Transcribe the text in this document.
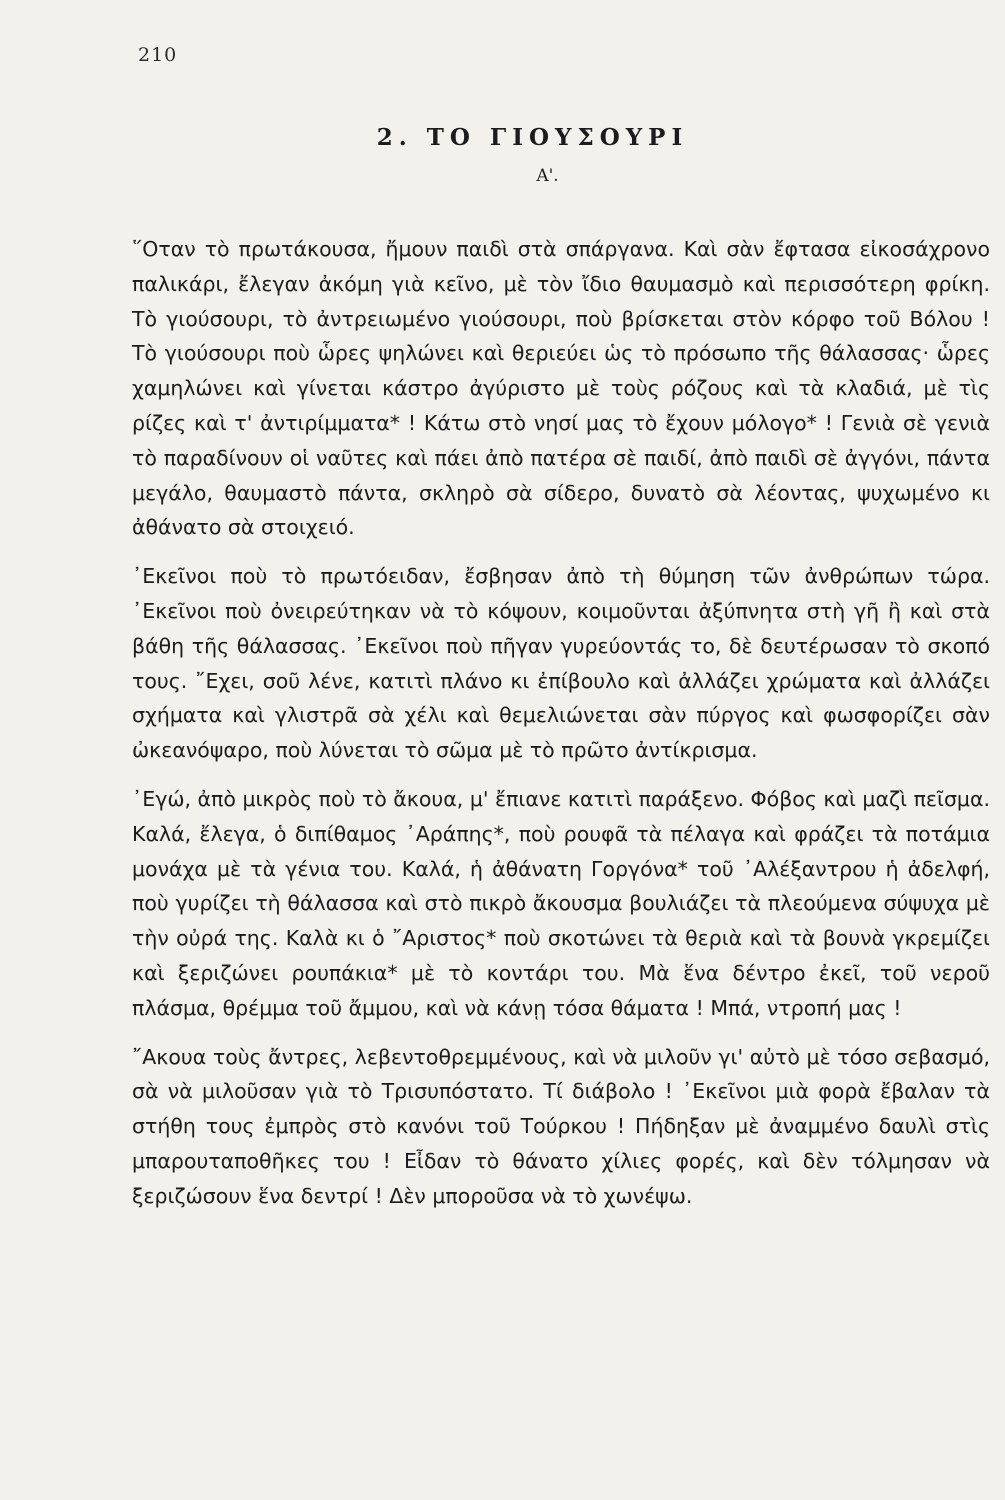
210
2. ΤΟ ΓΙΟΥΣΟΥΡΙ
Α'.

῞Οταν τὸ πρωτάκουσα, ἤμουν παιδὶ στὰ σπάργανα. Καὶ σὰν ἔφτασα εἰκοσάχρονο παλικάρι, ἔλεγαν ἀκόμη γιὰ κεῖνο, μὲ τὸν ἴδιο θαυμασμὸ καὶ περισσότερη φρίκη. Τὸ γιούσουρι, τὸ ἀντρειωμένο γιούσουρι, ποὺ βρίσκεται στὸν κόρφο τοῦ Βόλου ! Τὸ γιούσουρι ποὺ ὧρες ψηλώνει καὶ θεριεύει ὡς τὸ πρόσωπο τῆς θάλασσας· ὧρες χαμηλώνει καὶ γίνεται κάστρο ἀγύριστο μὲ τοὺς ρόζους καὶ τὰ κλαδιά, μὲ τὶς ρίζες καὶ τ' ἀντιρίμματα* ! Κάτω στὸ νησί μας τὸ ἔχουν μόλογο* ! Γενιὰ σὲ γενιὰ τὸ παραδίνουν οἱ ναῦτες καὶ πάει ἀπὸ πατέρα σὲ παιδί, ἀπὸ παιδὶ σὲ ἀγγόνι, πάντα μεγάλο, θαυμαστὸ πάντα, σκληρὸ σὰ σίδερο, δυνατὸ σὰ λέοντας, ψυχωμένο κι ἀθάνατο σὰ στοιχειό.

᾿Εκεῖνοι ποὺ τὸ πρωτόειδαν, ἔσβησαν ἀπὸ τὴ θύμηση τῶν ἀνθρώπων τώρα. ᾿Εκεῖνοι ποὺ ὀνειρεύτηκαν νὰ τὸ κόψουν, κοιμοῦνται ἀξύπνητα στὴ γῆ ἢ καὶ στὰ βάθη τῆς θάλασσας. ᾿Εκεῖνοι ποὺ πῆγαν γυρεύοντάς το, δὲ δευτέρωσαν τὸ σκοπό τους. ῎Εχει, σοῦ λένε, κατιτὶ πλάνο κι ἐπίβουλο καὶ ἀλλάζει χρώματα καὶ ἀλλάζει σχήματα καὶ γλιστρᾶ σὰ χέλι καὶ θεμελιώνεται σὰν πύργος καὶ φωσφορίζει σὰν ὠκεανόψαρο, ποὺ λύνεται τὸ σῶμα μὲ τὸ πρῶτο ἀντίκρισμα.

᾿Εγώ, ἀπὸ μικρὸς ποὺ τὸ ἄκουα, μ' ἔπιανε κατιτὶ παράξενο. Φόβος καὶ μαζὶ πεῖσμα. Καλά, ἔλεγα, ὁ διπίθαμος ᾿Αράπης*, ποὺ ρουφᾶ τὰ πέλαγα καὶ φράζει τὰ ποτάμια μονάχα μὲ τὰ γένια του. Καλά, ἡ ἀθάνατη Γοργόνα* τοῦ ᾿Αλέξαντρου ἡ ἀδελφή, ποὺ γυρίζει τὴ θάλασσα καὶ στὸ πικρὸ ἄκουσμα βουλιάζει τὰ πλεούμενα σύψυχα μὲ τὴν οὐρά της. Καλὰ κι ὁ ῎Αριστος* ποὺ σκοτώνει τὰ θεριὰ καὶ τὰ βουνὰ γκρεμίζει καὶ ξεριζώνει ρουπάκια* μὲ τὸ κοντάρι του. Μὰ ἕνα δέντρο ἐκεῖ, τοῦ νεροῦ πλάσμα, θρέμμα τοῦ ἄμμου, καὶ νὰ κάνῃ τόσα θάματα ! Μπά, ντροπή μας !

῎Ακουα τοὺς ἄντρες, λεβεντοθρεμμένους, καὶ νὰ μιλοῦν γι' αὐτὸ μὲ τόσο σεβασμό, σὰ νὰ μιλοῦσαν γιὰ τὸ Τρισυπόστατο. Τί διάβολο ! ᾿Εκεῖνοι μιὰ φορὰ ἔβαλαν τὰ στήθη τους ἐμπρὸς στὸ κανόνι τοῦ Τούρκου ! Πήδηξαν μὲ ἀναμμένο δαυλὶ στὶς μπαρουταποθῆκες του ! Εἶδαν τὸ θάνατο χίλιες φορές, καὶ δὲν τόλμησαν νὰ ξεριζώσουν ἕνα δεντρί ! Δὲν μποροῦσα νὰ τὸ χωνέψω.
